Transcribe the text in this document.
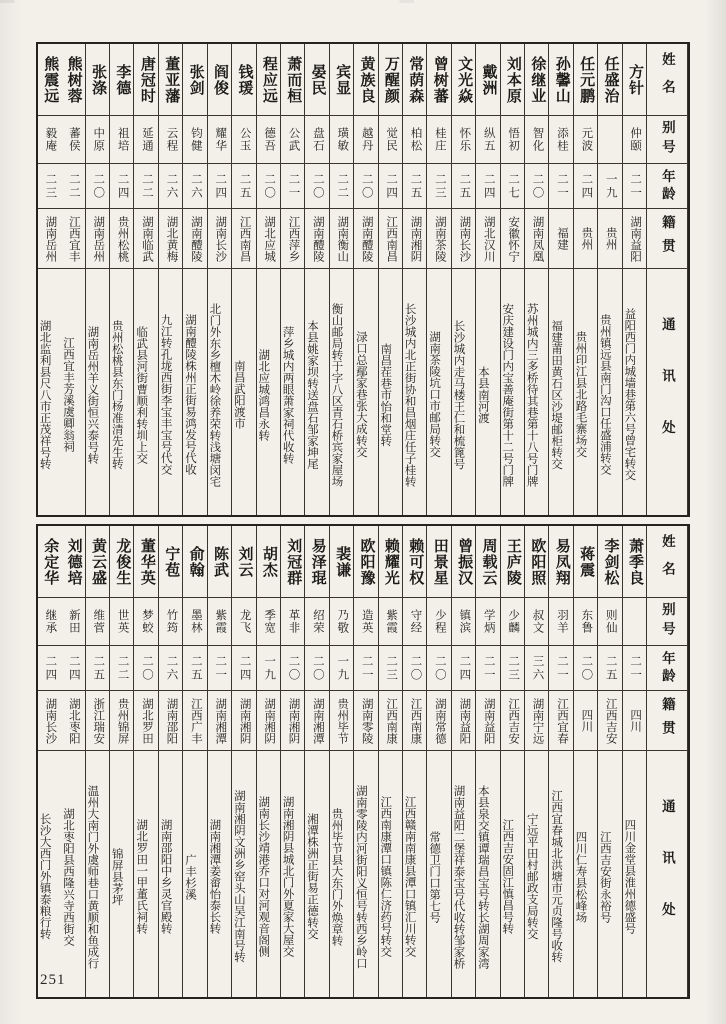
姓名
别号
年龄
籍贯
通讯处
方针
仲颐
二一
湖南益阳
益阳西门内城墙巷第六号曾宅转交
任盛治
一九
贵州
贵州镇远县南门沟口任盛浦转交
任元鹏
元波
二四
贵州
贵州印江县北路毛寨场交
孙馨山
添桂
二一
福建
福建莆田黄石区沙堤邮柜转交
徐继业
智化
二〇
湖南凤凰
苏州城内三多桥待其巷第十八号门牌
刘本原
悟初
二七
安徽怀宁
安庆建设门内宝善庵街第十二号门牌
戴洲
纵五
二四
湖北汉川
本县南河渡
文光焱
怀乐
二五
湖南长沙
长沙城内走马楼王仁和梳篦号
曾树蕃
桂庄
二三
湖南茶陵
湖南茶陵坑口市邮局转交
常荫森
柏松
二五
湖南湘阴
长沙城内北正街协和昌烟庄任子桂转
万醒颜
觉民
二四
江西南昌
南昌茬巷市怡和堂转
黄族良
越丹
二〇
湖南醴陵
渌口总鄢家巷张大成转交
宾显
璜敏
二二
湖南衡山
衡山邮局转于字八区青石桥宾家屋场
晏民
盘石
二〇
湖南醴陵
本县姚家坝转送盘石邹家坤尾
萧而桓
公武
二一
江西萍乡
萍乡城内两眼萧家祠代收转
程应远
德吾
二〇
湖北应城
湖北应城鸿昌永转
钱瑗
公玉
二五
江西南昌
南昌武阳渡市
阎俊
耀华
二四
湖南长沙
北门外东乡檀木岭徐养荣转浅塘闵宅
张剑
钧健
二六
湖南醴陵
湖南醴陵株州正街易鸿发号代收
董亚藩
云程
二六
湖北黄梅
九江转孔垅西街李宝丰宝号代交
唐冠时
延通
二二
湖南临武
临武县河街曹顺利转圳上交
李德
祖培
二四
贵州松桃
贵州松桃县东门杨准清先生转
张涤
中原
二〇
湖南岳州
湖南岳州羊义街恒兴泰号转
熊树蓉
蕃侯
二二
江西宜丰
江西宜丰芳溪虞卿翁祠
熊震远
毅庵
二三
湖南岳州
湖北监利县尺八市正茂祥号转
姓名
别号
年龄
籍贯
通讯处
萧季良
二一
四川
四川金堂县淮州德盛号
李剑松
则仙
二五
江西吉安
江西吉安街永裕号
蒋震
东鲁
二〇
四川
四川仁寿县松峰场
易凤翔
羽羊
二一
江西宜春
江西宜春城北洪塘市元贞隆号收转
欧阳照
叔文
三六
湖南宁远
宁远平田村邮政支局转交
王庐陵
少麟
二三
江西吉安
江西吉安固江慎昌号转
周载云
学炳
二一
湖南益阳
本县泉交镇谭瑞昌宝号转长湖周家湾
曾振汉
镇滨
二四
湖南益阳
湖南益阳二堡祥泰宝号代收转邹家桥
田景星
少程
二〇
湖南常德
常德卫门口第七号
赖可权
守经
二〇
江西南康
江西赣南南康县潭口镇汇川转交
赖耀光
紫霞
二三
江西南康
江西南康潭口镇陈仁济药号转交
欧阳豫
造英
二一
湖南零陵
湖南零陵内河街阳义恒号转西乡岭口
裴谦
乃敬
一九
贵州毕节
贵州毕节县大东门外焕章转
易泽琨
绍荣
二〇
湖南湘潭
湘潭株洲正街易正德转交
刘冠群
革非
二〇
湖南湘阴
湖南湘阴县城北门外夏家大屋交
胡杰
季宽
一九
湖南湘阴
湖南长沙靖港乔口对河观音阁侧
刘云
龙飞
二四
湖南湘阴
湖南湘阴文洲乡窑头山吴江南号转
陈武
紫霞
二一
湖南湘潭
湖南湘潭姜畲怡泰长转
俞翰
墨林
二五
江西广丰
广丰杉溪
宁苞
竹筠
二六
湖南邵阳
湖南邵阳中乡灵官殿转
董华英
梦蛟
二〇
湖北罗田
湖北罗田一甲董氏祠转
龙俊生
世英
二二
贵州锦屏
锦屏县茅坪
黄云盛
维菅
二五
浙江瑞安
温州大南门外虞师巷口黄顺和鱼成行
刘德培
新田
二四
湖北枣阳
湖北枣阳县西隆兴寺西街交
余定华
继承
二四
湖南长沙
长沙大西门外镇泰粮行转
251
